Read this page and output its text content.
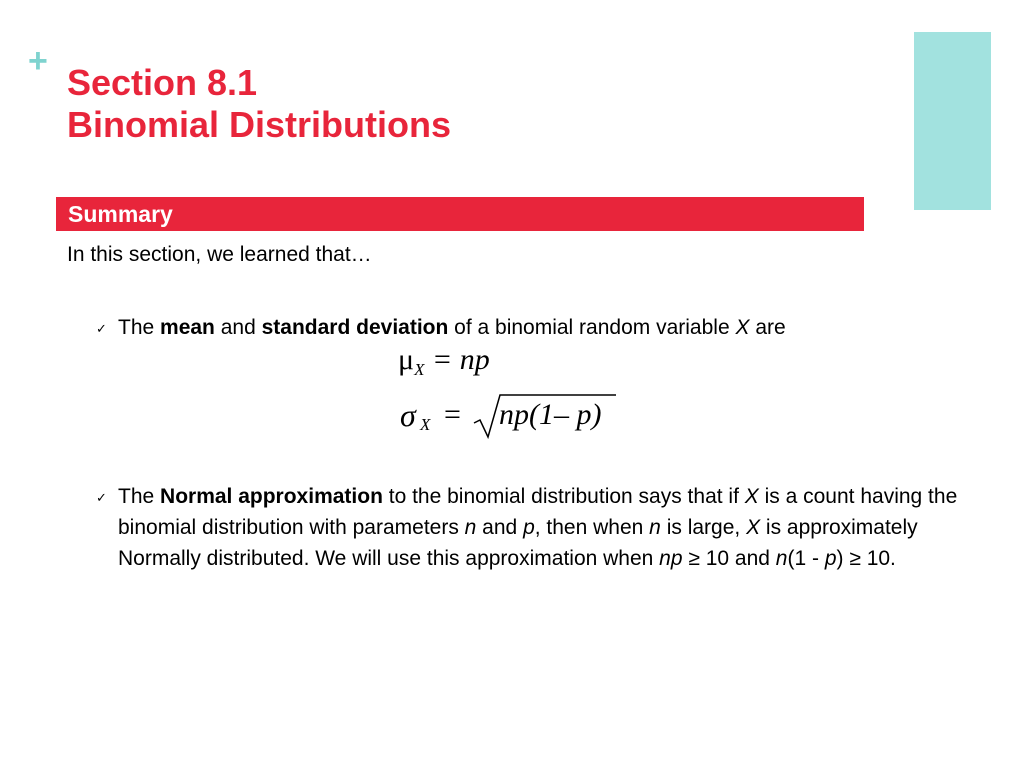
+
Section 8.1
Binomial Distributions
Summary
In this section, we learned that…
✓ The mean and standard deviation of a binomial random variable X are
$\mu_X$ = np
σ X = np(1– p)
✓ The Normal approximation to the binomial distribution says that if X is a count having the binomial distribution with parameters n and p, then when n is large, X is approximately Normally distributed. We will use this approximation when np ≥ 10 and n(1 - p) ≥ 10.
